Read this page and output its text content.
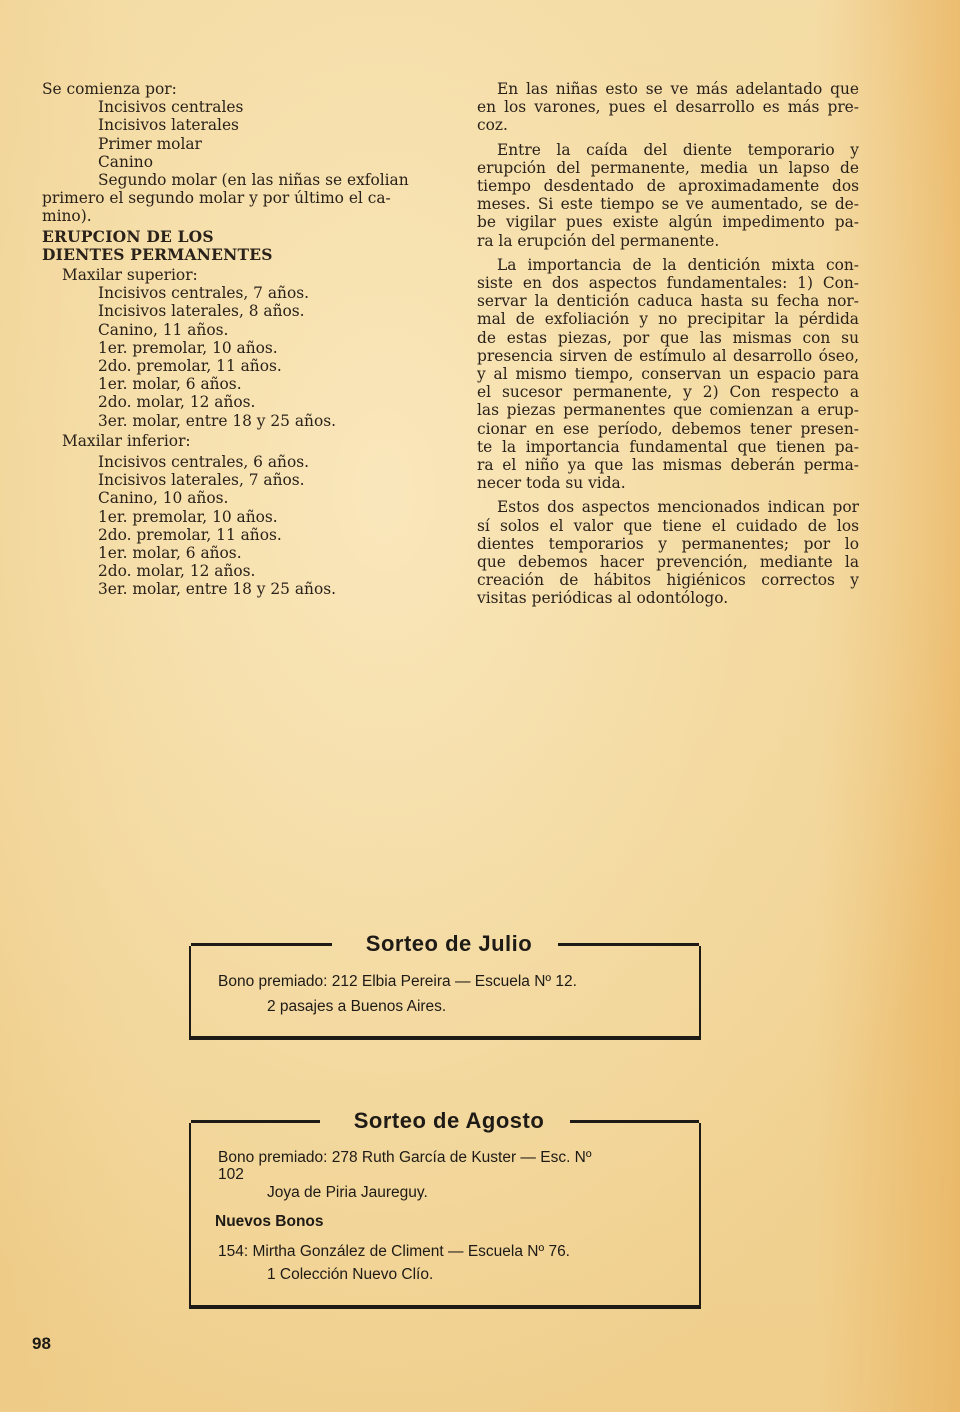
Se comienza por:
Incisivos centrales
Incisivos laterales
Primer molar
Canino
Segundo molar (en las niñas se exfolian
primero el segundo molar y por último el ca-
mino).
ERUPCION DE LOS
DIENTES PERMANENTES
Maxilar superior:
Incisivos centrales, 7 años.
Incisivos laterales, 8 años.
Canino, 11 años.
1er. premolar, 10 años.
2do. premolar, 11 años.
1er. molar, 6 años.
2do. molar, 12 años.
3er. molar, entre 18 y 25 años.
Maxilar inferior:
Incisivos centrales, 6 años.
Incisivos laterales, 7 años.
Canino, 10 años.
1er. premolar, 10 años.
2do. premolar, 11 años.
1er. molar, 6 años.
2do. molar, 12 años.
3er. molar, entre 18 y 25 años.
En las niñas esto se ve más adelantado que
en los varones, pues el desarrollo es más pre-
coz.
Entre la caída del diente temporario y
erupción del permanente, media un lapso de
tiempo desdentado de aproximadamente dos
meses. Si este tiempo se ve aumentado, se de-
be vigilar pues existe algún impedimento pa-
ra la erupción del permanente.
La importancia de la dentición mixta con-
siste en dos aspectos fundamentales: 1) Con-
servar la dentición caduca hasta su fecha nor-
mal de exfoliación y no precipitar la pérdida
de estas piezas, por que las mismas con su
presencia sirven de estímulo al desarrollo óseo,
y al mismo tiempo, conservan un espacio para
el sucesor permanente, y 2) Con respecto a
las piezas permanentes que comienzan a erup-
cionar en ese período, debemos tener presen-
te la importancia fundamental que tienen pa-
ra el niño ya que las mismas deberán perma-
necer toda su vida.
Estos dos aspectos mencionados indican por
sí solos el valor que tiene el cuidado de los
dientes temporarios y permanentes; por lo
que debemos hacer prevención, mediante la
creación de hábitos higiénicos correctos y
visitas periódicas al odontólogo.
Sorteo de Julio
Bono premiado: 212 Elbia Pereira — Escuela Nº 12.
2 pasajes a Buenos Aires.
Sorteo de Agosto
Bono premiado: 278 Ruth García de Kuster — Esc. Nº
102
Joya de Piria Jaureguy.
Nuevos Bonos
154: Mirtha González de Climent — Escuela Nº 76.
1 Colección Nuevo Clío.
98
